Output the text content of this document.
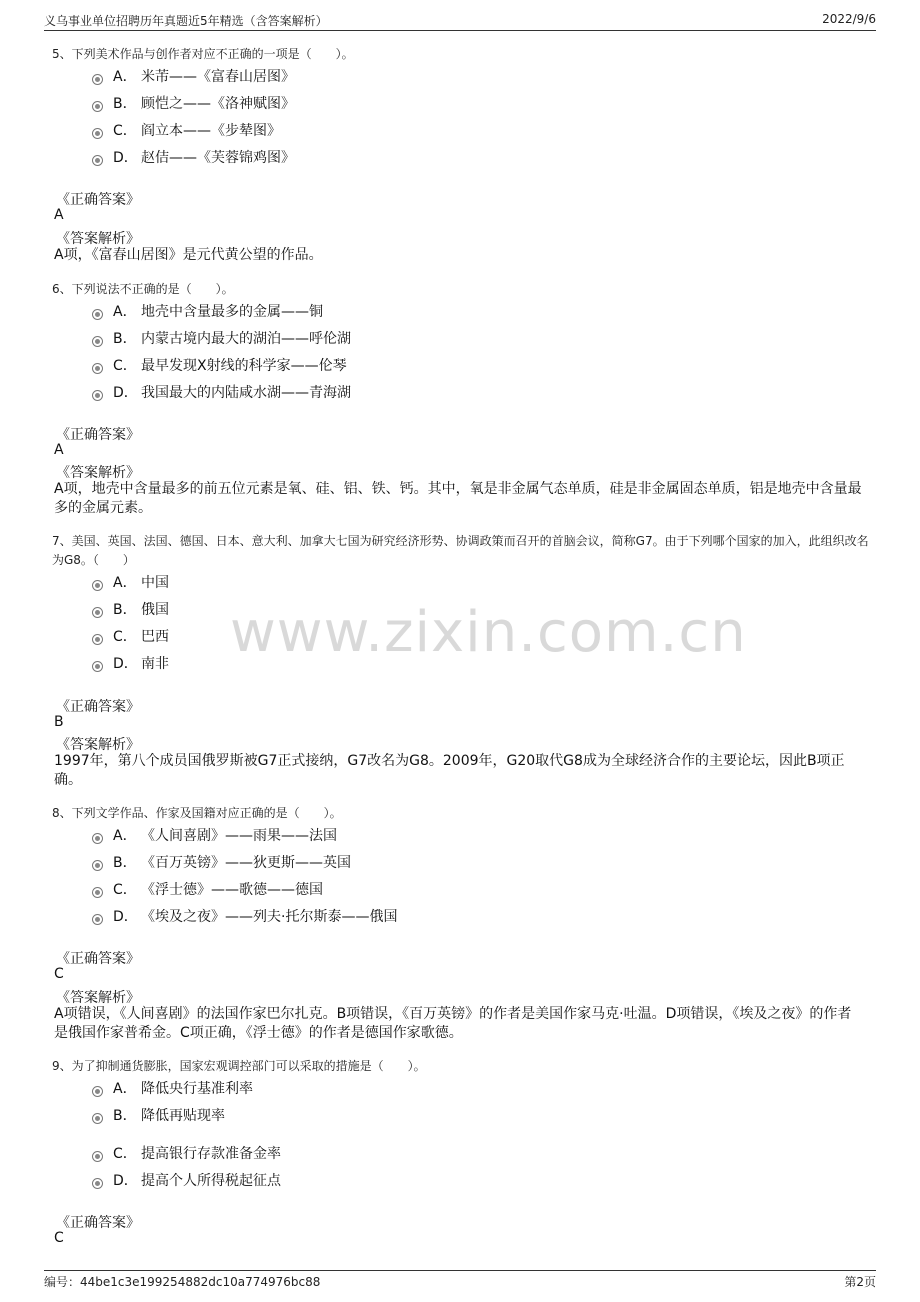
义乌事业单位招聘历年真题近5年精选（含答案解析）	2022/9/6
www.zixin.com.cn
5、下列美术作品与创作者对应不正确的一项是（　　）。
A． 米芾——《富春山居图》
B． 顾恺之——《洛神赋图》
C． 阎立本——《步辇图》
D． 赵佶——《芙蓉锦鸡图》
《正确答案》
A
《答案解析》
A项，《富春山居图》是元代黄公望的作品。
6、下列说法不正确的是（　　）。
A． 地壳中含量最多的金属——铜
B． 内蒙古境内最大的湖泊——呼伦湖
C． 最早发现X射线的科学家——伦琴
D． 我国最大的内陆咸水湖——青海湖
《正确答案》
A
《答案解析》
A项，地壳中含量最多的前五位元素是氧、硅、铝、铁、钙。其中，氧是非金属气态单质，硅是非金属固态单质，铝是地壳中含量最多的金属元素。
7、美国、英国、法国、德国、日本、意大利、加拿大七国为研究经济形势、协调政策而召开的首脑会议，简称G7。由于下列哪个国家的加入，此组织改名为G8。（　　）
A． 中国
B． 俄国
C． 巴西
D． 南非
《正确答案》
B
《答案解析》
1997年，第八个成员国俄罗斯被G7正式接纳，G7改名为G8。2009年，G20取代G8成为全球经济合作的主要论坛，因此B项正确。
8、下列文学作品、作家及国籍对应正确的是（　　）。
A． 《人间喜剧》——雨果——法国
B． 《百万英镑》——狄更斯——英国
C． 《浮士德》——歌德——德国
D． 《埃及之夜》——列夫·托尔斯泰——俄国
《正确答案》
C
《答案解析》
A项错误，《人间喜剧》的法国作家巴尔扎克。B项错误，《百万英镑》的作者是美国作家马克·吐温。D项错误，《埃及之夜》的作者是俄国作家普希金。C项正确，《浮士德》的作者是德国作家歌德。
9、为了抑制通货膨胀，国家宏观调控部门可以采取的措施是（　　）。
A． 降低央行基准利率
B． 降低再贴现率
C． 提高银行存款准备金率
D． 提高个人所得税起征点
《正确答案》
C
编号：44be1c3e199254882dc10a774976bc88	第2页
